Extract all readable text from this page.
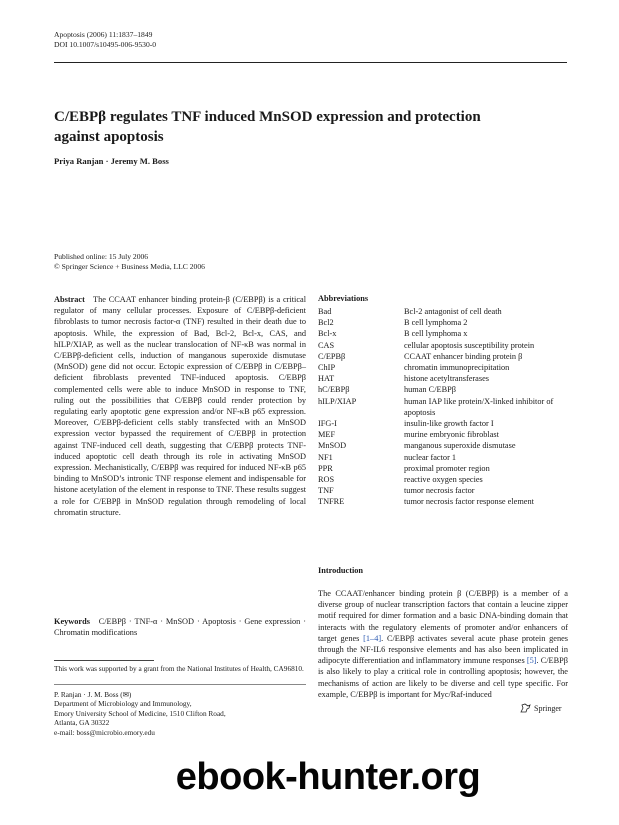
Apoptosis (2006) 11:1837–1849
DOI 10.1007/s10495-006-9530-0
C/EBPβ regulates TNF induced MnSOD expression and protection against apoptosis
Priya Ranjan · Jeremy M. Boss
Published online: 15 July 2006
© Springer Science + Business Media, LLC 2006
Abstract The CCAAT enhancer binding protein-β (C/EBPβ) is a critical regulator of many cellular processes. Exposure of C/EBPβ-deficient fibroblasts to tumor necrosis factor-α (TNF) resulted in their death due to apoptosis. While, the expression of Bad, Bcl-2, Bcl-x, CAS, and hILP/XIAP, as well as the nuclear translocation of NF-κB was normal in C/EBPβ-deficient cells, induction of manganous superoxide dismutase (MnSOD) gene did not occur. Ectopic expression of C/EBPβ in C/EBPβ–deficient fibroblasts prevented TNF-induced apoptosis. C/EBPβ complemented cells were able to induce MnSOD in response to TNF, ruling out the possibilities that C/EBPβ could render protection by regulating early apoptotic gene expression and/or NF-κB p65 expression. Moreover, C/EBPβ-deficient cells stably transfected with an MnSOD expression vector bypassed the requirement of C/EBPβ in protection against TNF-induced cell death, suggesting that C/EBPβ protects TNF-induced apoptotic cell death through its role in activating MnSOD expression. Mechanistically, C/EBPβ was required for induced NF-κB p65 binding to MnSOD’s intronic TNF response element and indispensable for histone acetylation of the element in response to TNF. These results suggest a role for C/EBPβ in MnSOD regulation through remodeling of local chromatin structure.
Keywords C/EBPβ · TNF-α · MnSOD · Apoptosis · Gene expression · Chromatin modifications
This work was supported by a grant from the National Institutes of Health, CA96810.
P. Ranjan · J. M. Boss (✉)
Department of Microbiology and Immunology,
Emory University School of Medicine, 1510 Clifton Road,
Atlanta, GA 30322
e-mail: boss@microbio.emory.edu
Abbreviations
Bad	Bcl-2 antagonist of cell death
Bcl2	B cell lymphoma 2
Bcl-x	B cell lymphoma x
CAS	cellular apoptosis susceptibility protein
C/EPBβ	CCAAT enhancer binding protein β
ChIP	chromatin immunoprecipitation
HAT	histone acetyltransferases
hC/EBPβ	human C/EBPβ
hILP/XIAP	human IAP like protein/X-linked inhibitor of apoptosis
IFG-I	insulin-like growth factor I
MEF	murine embryonic fibroblast
MnSOD	manganous superoxide dismutase
NF1	nuclear factor 1
PPR	proximal promoter region
ROS	reactive oxygen species
TNF	tumor necrosis factor
TNFRE	tumor necrosis factor response element
Introduction
The CCAAT/enhancer binding protein β (C/EBPβ) is a member of a diverse group of nuclear transcription factors that contain a leucine zipper motif required for dimer formation and a basic DNA-binding domain that interacts with the regulatory elements of promoter and/or enhancers of target genes [1–4]. C/EBPβ activates several acute phase protein genes through the NF-IL6 responsive elements and has also been implicated in adipocyte differentiation and inflammatory immune responses [5]. C/EBPβ is also likely to play a critical role in controlling apoptosis; however, the mechanisms of action are likely to be diverse and cell type specific. For example, C/EBPβ is important for Myc/Raf-induced
Springer
ebook-hunter.org
